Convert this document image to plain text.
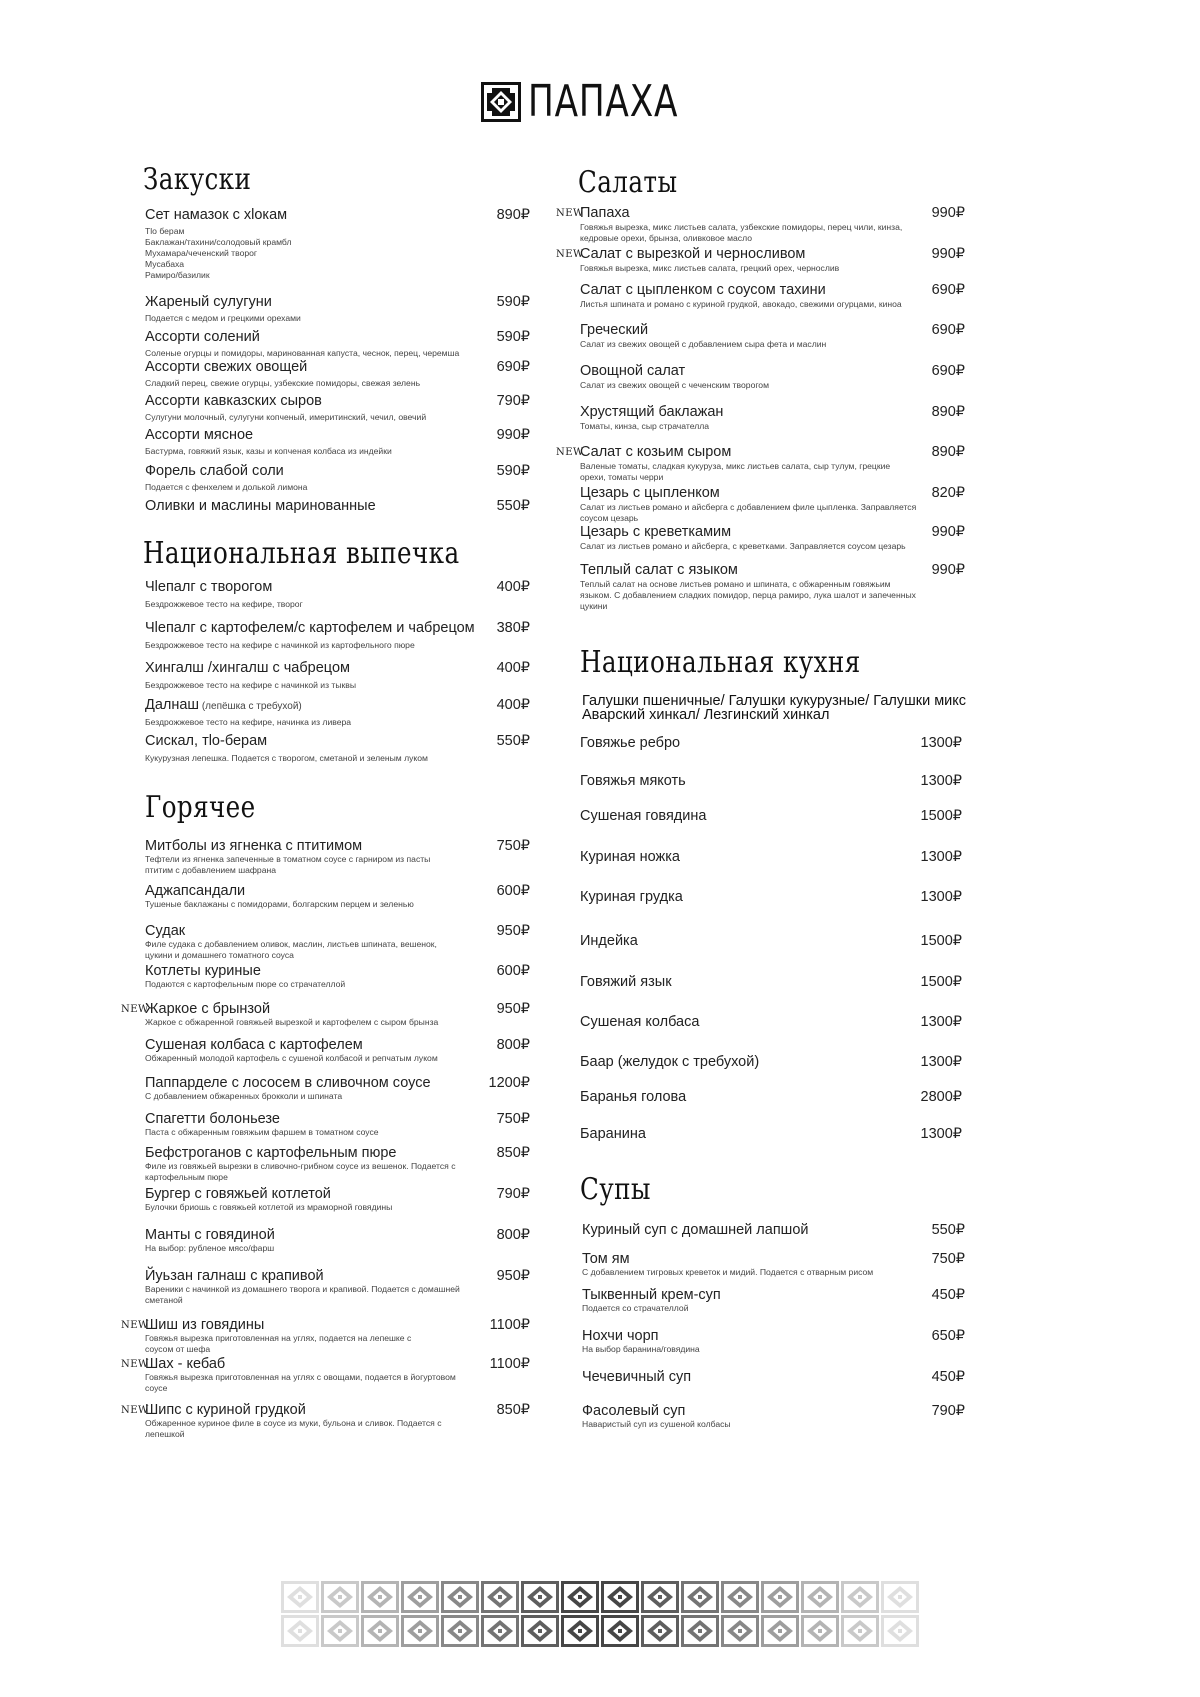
ПАПАХА
Закуски
Сет намазок с хlокам	890₽
Тlо берам
Баклажан/тахини/солодовый крамбл
Мухамара/чеченский творог
Мусабаха
Рамиро/базилик
Жареный сулугуни	590₽
Подается с медом и грецкими орехами
Ассорти солений	590₽
Соленые огурцы и помидоры, маринованная капуста, чеснок, перец, черемша
Ассорти свежих овощей	690₽
Сладкий перец, свежие огурцы, узбекские помидоры, свежая зелень
Ассорти кавказских сыров	790₽
Сулугуни молочный, сулугуни копченый, имеритинский, чечил, овечий
Ассорти мясное	990₽
Бастурма, говяжий язык, казы и копченая колбаса из индейки
Форель слабой соли	590₽
Подается с фенхелем и долькой лимона
Оливки и маслины маринованные	550₽
Национальная выпечка
Чlепалг с творогом	400₽
Бездрожжевое тесто на кефире, творог
Чlепалг с картофелем/с картофелем и чабрецом 380₽
Бездрожжевое тесто на кефире с начинкой из картофельного пюре
Хингалш /хингалш с чабрецом	400₽
Бездрожжевое тесто на кефире с начинкой из тыквы
Далнаш (лепёшка с требухой)	400₽
Бездрожжевое тесто на кефире, начинка из ливера
Сискал, тlо-берам	550₽
Кукурузная лепешка. Подается с творогом, сметаной и зеленым луком
Горячее
Митболы из ягненка с птитимом	750₽
Тефтели из ягненка запеченные в томатном соусе с гарниром из пасты
птитим с добавлением шафрана
Аджапсандали	600₽
Тушеные баклажаны с помидорами, болгарским перцем и зеленью
Судак	950₽
Филе судака с добавлением оливок, маслин, листьев шпината, вешенок,
цукини и домашнего томатного соуса
Котлеты куриные	600₽
Подаются с картофельным пюре со страчателлой
Жаркое с брынзой	950₽
Жаркое с обжаренной говяжьей вырезкой и картофелем с сыром брынза
NEW
Сушеная колбаса с картофелем	800₽
Обжаренный молодой картофель с сушеной колбасой и репчатым луком
Паппарделе с лососем в сливочном соусе	1200₽
С добавлением обжаренных брокколи и шпината
Спагетти болоньезе	750₽
Паста с обжаренным говяжьим фаршем в томатном соусе
Бефстроганов с картофельным пюре	850₽
Филе из говяжьей вырезки в сливочно-грибном соусе из вешенок. Подается с
картофельным пюре
Бургер с говяжьей котлетой	790₽
Булочки бриошь с говяжьей котлетой из мраморной говядины
Манты с говядиной	800₽
На выбор: рубленое мясо/фарш
Йуьзан галнаш с крапивой	950₽
Вареники с начинкой из домашнего творога и крапивой. Подается с домашней
сметаной
Шиш из говядины	1100₽
Говяжья вырезка приготовленная на углях, подается на лепешке с
соусом от шефа
NEW
Шах - кебаб	1100₽
Говяжья вырезка приготовленная на углях с овощами, подается в йогуртовом
соусе
NEW
Шипс с куриной грудкой	850₽
Обжаренное куриное филе в соусе из муки, бульона и сливок. Подается с
лепешкой
NEW
Салаты
Папаха	990₽
Говяжья вырезка, микс листьев салата, узбекские помидоры, перец чили, кинза,
кедровые орехи, брынза, оливковое масло
NEW
Салат с вырезкой и черносливом	990₽
Говяжья вырезка, микс листьев салата, грецкий орех, чернослив
NEW
Салат с цыпленком с соусом тахини	690₽
Листья шпината и романо с куриной грудкой, авокадо, свежими огурцами, киноа
Греческий	690₽
Салат из свежих овощей с добавлением сыра фета и маслин
Овощной салат	690₽
Салат из свежих овощей с чеченским творогом
Хрустящий баклажан	890₽
Томаты, кинза, сыр страчателла
Салат с козьим сыром	890₽
Валеные томаты, сладкая кукуруза, микс листьев салата, сыр тулум, грецкие
орехи, томаты черри
NEW
Цезарь с цыпленком	820₽
Салат из листьев романо и айсберга с добавлением филе цыпленка. Заправляется
соусом цезарь
Цезарь с креветкамим	990₽
Салат из листьев романо и айсберга, с креветками. Заправляется соусом цезарь
Теплый салат с языком	990₽
Теплый салат на основе листьев романо и шпината, с обжаренным говяжьим
языком. С добавлением сладких помидор, перца рамиро, лука шалот и запеченных
цукини
Национальная кухня
Галушки пшеничные/ Галушки кукурузные/ Галушки микс
Аварский хинкал/ Лезгинский хинкал
Говяжье ребро	1300₽
Говяжья мякоть	1300₽
Сушеная говядина	1500₽
Куриная ножка	1300₽
Куриная грудка	1300₽
Индейка	1500₽
Говяжий язык	1500₽
Сушеная колбаса	1300₽
Баар (желудок с требухой)	1300₽
Баранья голова	2800₽
Баранина	1300₽
Супы
Куриный суп с домашней лапшой	550₽
Том ям	750₽
С добавлением тигровых креветок и мидий. Подается с отварным рисом
Тыквенный крем-суп	450₽
Подается со страчателлой
Нохчи чорп	650₽
На выбор баранина/говядина
Чечевичный суп	450₽
Фасолевый суп	790₽
Наваристый суп из сушеной колбасы
